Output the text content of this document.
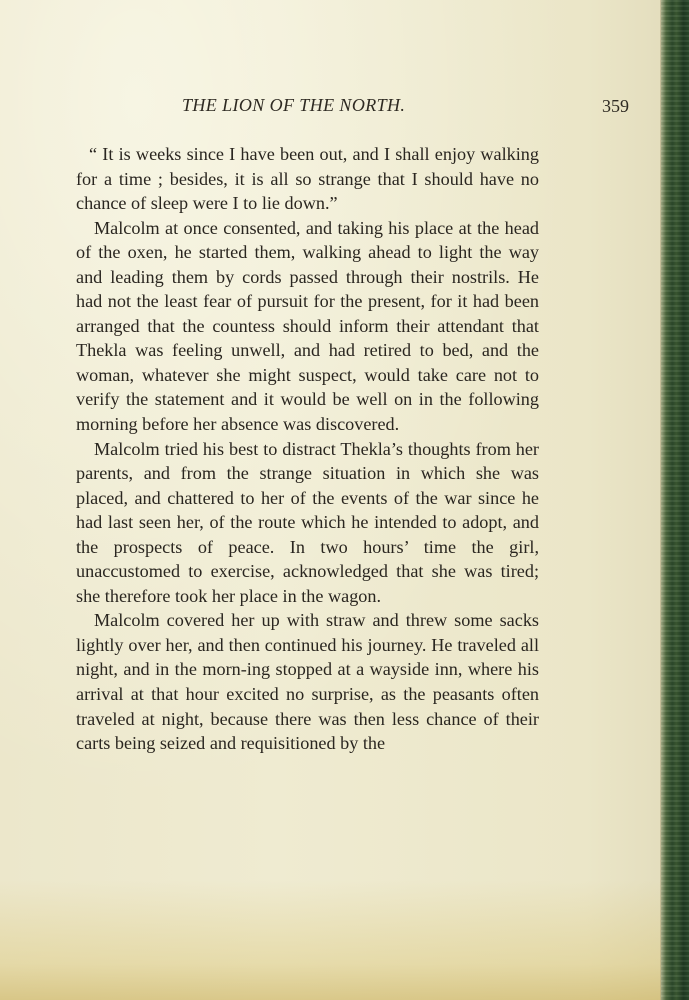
THE LION OF THE NORTH.	359

“ It is weeks since I have been out, and I shall enjoy walking for a time ; besides, it is all so strange that I should have no chance of sleep were I to lie down.”

Malcolm at once consented, and taking his place at the head of the oxen, he started them, walking ahead to light the way and leading them by cords passed through their nostrils. He had not the least fear of pursuit for the present, for it had been arranged that the countess should inform their attendant that Thekla was feeling unwell, and had retired to bed, and the woman, whatever she might suspect, would take care not to verify the statement and it would be well on in the following morning before her absence was discovered.

Malcolm tried his best to distract Thekla’s thoughts from her parents, and from the strange situation in which she was placed, and chattered to her of the events of the war since he had last seen her, of the route which he intended to adopt, and the prospects of peace. In two hours’ time the girl, unaccustomed to exercise, acknowledged that she was tired; she therefore took her place in the wagon.

Malcolm covered her up with straw and threw some sacks lightly over her, and then continued his journey. He traveled all night, and in the morn-ing stopped at a wayside inn, where his arrival at that hour excited no surprise, as the peasants often traveled at night, because there was then less chance of their carts being seized and requisitioned by the
